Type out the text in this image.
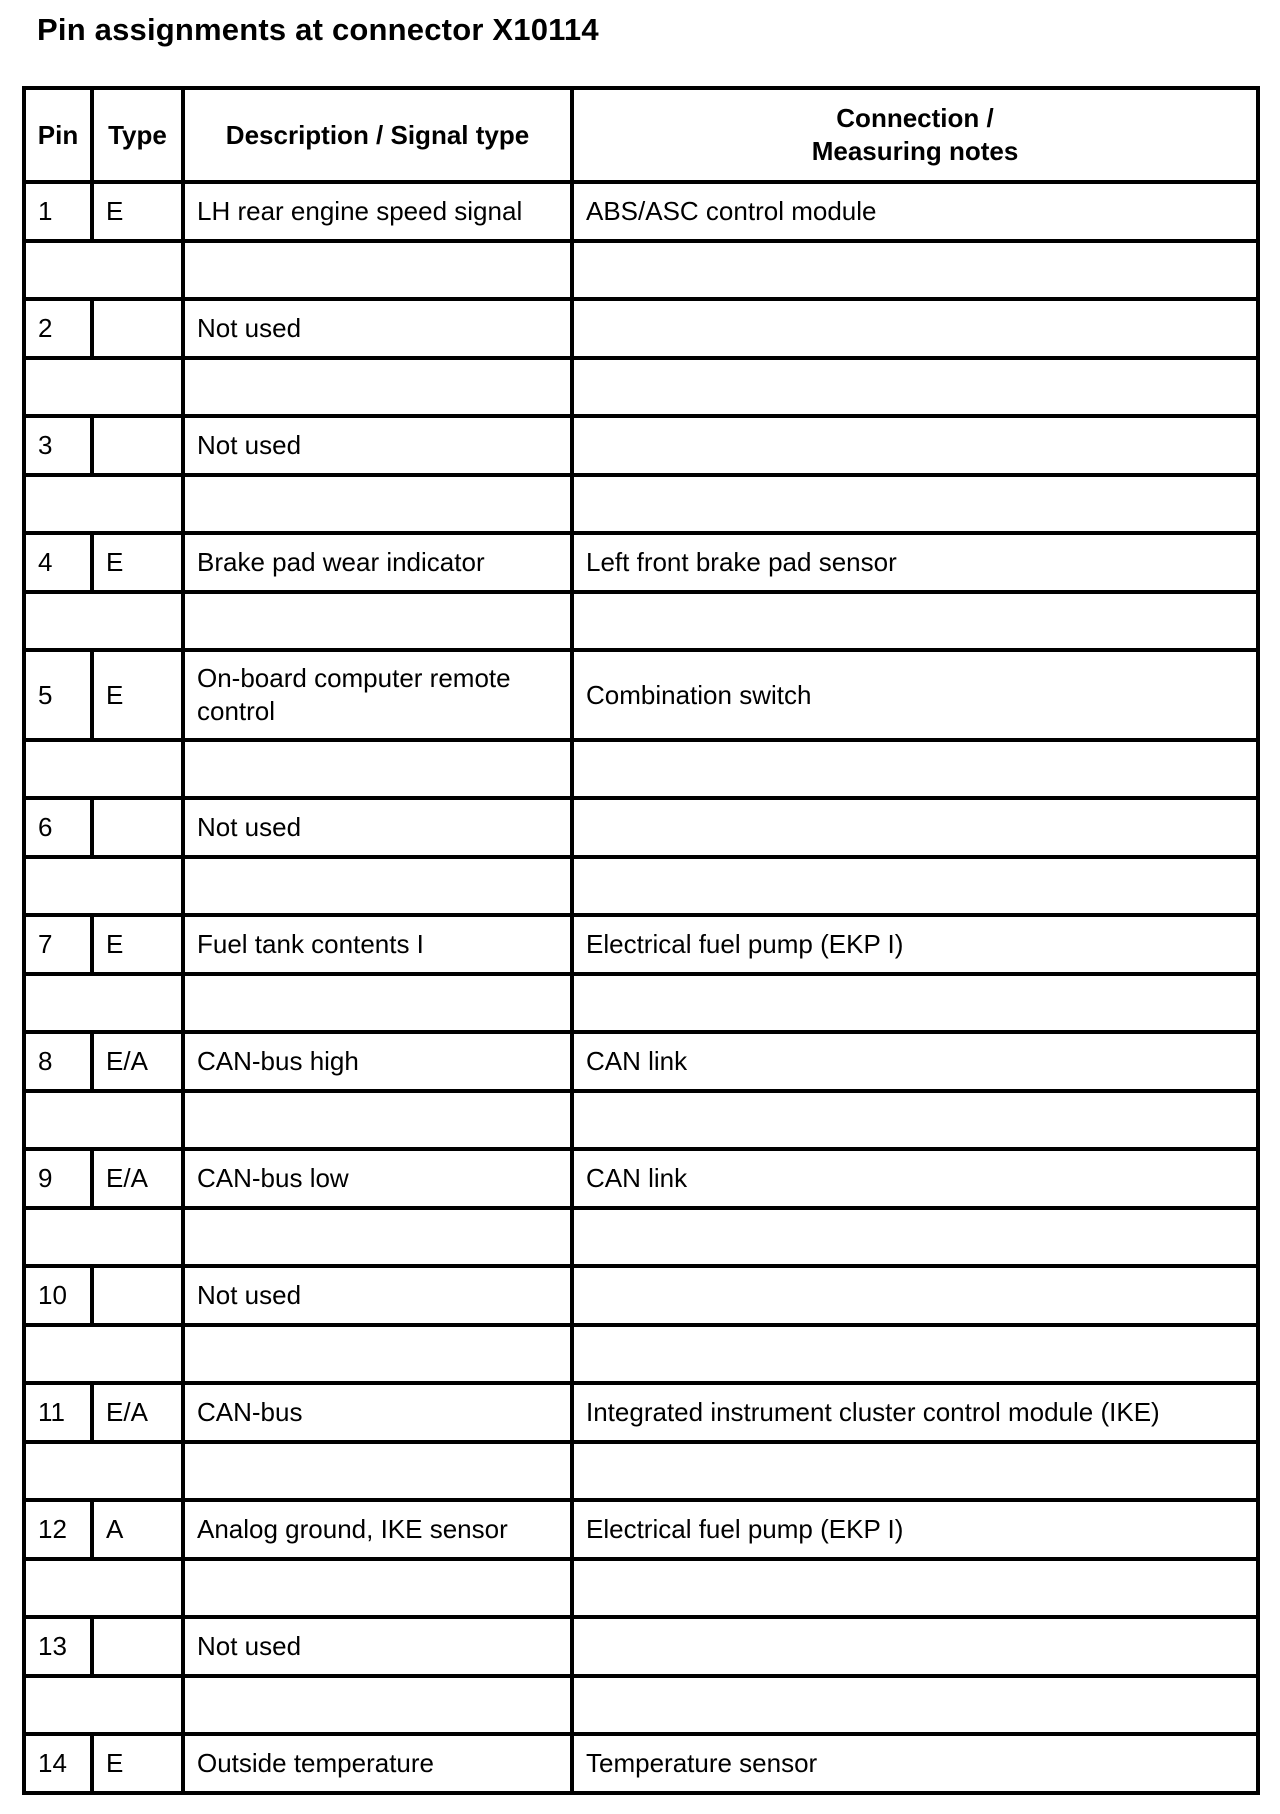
Pin assignments at connector X10114
Pin	Type	Description / Signal type	Connection /
Measuring notes
1	E	LH rear engine speed signal	ABS/ASC control module

2		Not used	

3		Not used	

4	E	Brake pad wear indicator	Left front brake pad sensor

5	E	On-board computer remote control	Combination switch

6		Not used	

7	E	Fuel tank contents I	Electrical fuel pump (EKP I)

8	E/A	CAN-bus high	CAN link

9	E/A	CAN-bus low	CAN link

10		Not used	

11	E/A	CAN-bus	Integrated instrument cluster control module (IKE)

12	A	Analog ground, IKE sensor	Electrical fuel pump (EKP I)

13		Not used	

14	E	Outside temperature	Temperature sensor
